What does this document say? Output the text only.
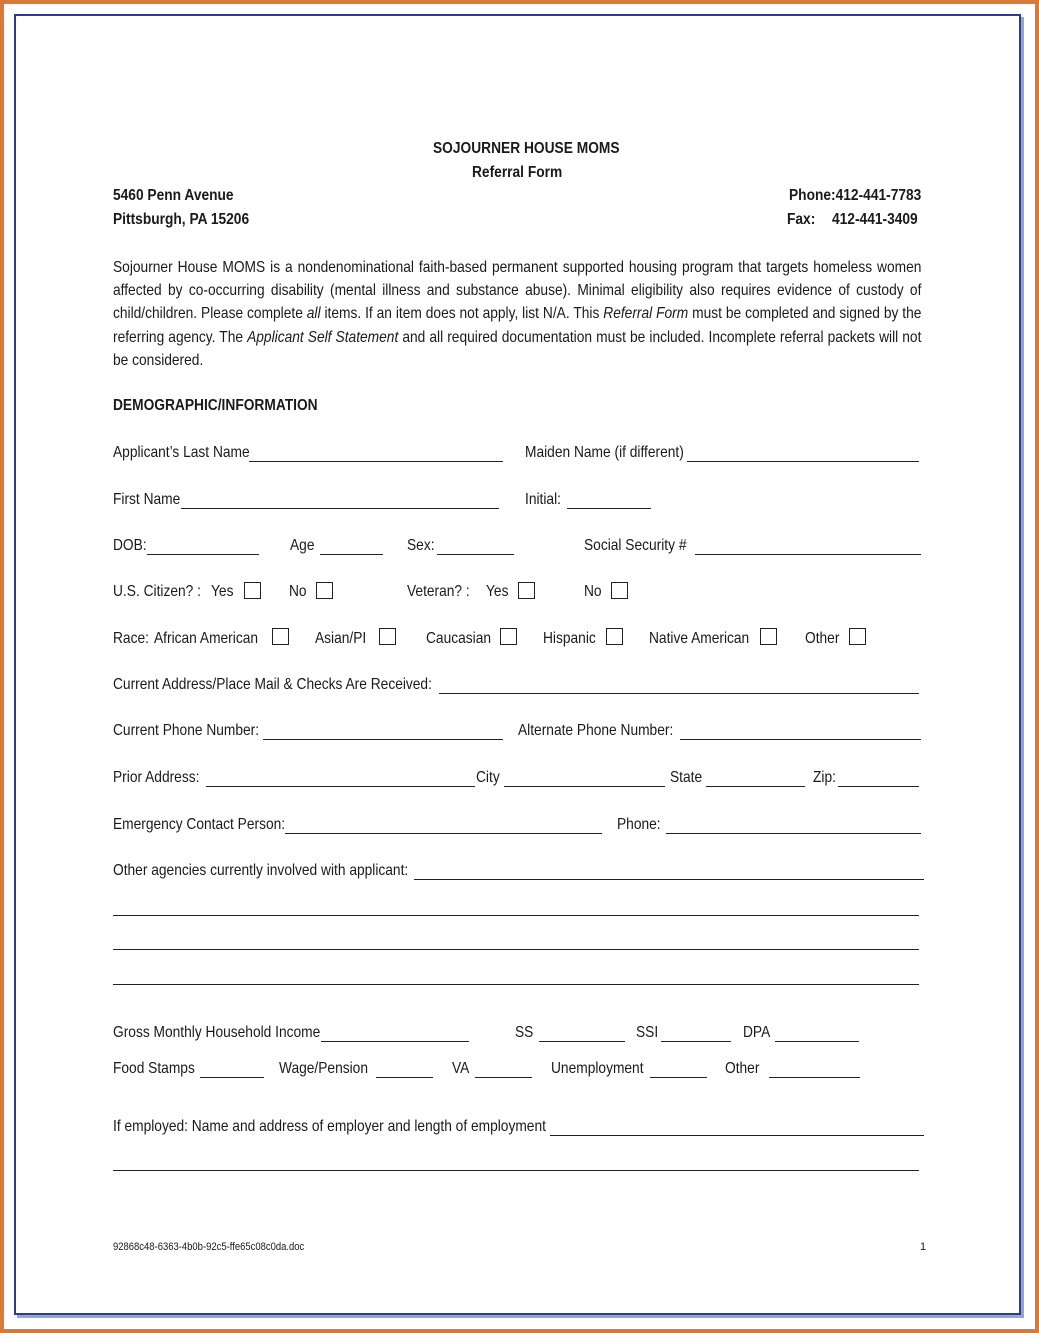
SOJOURNER HOUSE MOMS
Referral Form
5460 Penn Avenue
Pittsburgh, PA 15206
Phone:412-441-7783
Fax: 412-441-3409
Sojourner House MOMS is a nondenominational faith-based permanent supported housing program that targets homeless women affected by co-occurring disability (mental illness and substance abuse). Minimal eligibility also requires evidence of custody of child/children. Please complete all items. If an item does not apply, list N/A. This Referral Form must be completed and signed by the referring agency. The Applicant Self Statement and all required documentation must be included. Incomplete referral packets will not be considered.
DEMOGRAPHIC/INFORMATION
Applicant’s Last Name	Maiden Name (if different)
First Name	Initial:
DOB:	Age	Sex:	Social Security #
U.S. Citizen? : Yes	No	Veteran? : Yes	No
Race: African American	Asian/PI	Caucasian	Hispanic	Native American	Other
Current Address/Place Mail & Checks Are Received:
Current Phone Number:	Alternate Phone Number:
Prior Address:	City	State	Zip:
Emergency Contact Person:	Phone:
Other agencies currently involved with applicant:
Gross Monthly Household Income	SS	SSI	DPA
Food Stamps	Wage/Pension	VA	Unemployment	Other
If employed: Name and address of employer and length of employment
92868c48-6363-4b0b-92c5-ffe65c08c0da.doc	1
